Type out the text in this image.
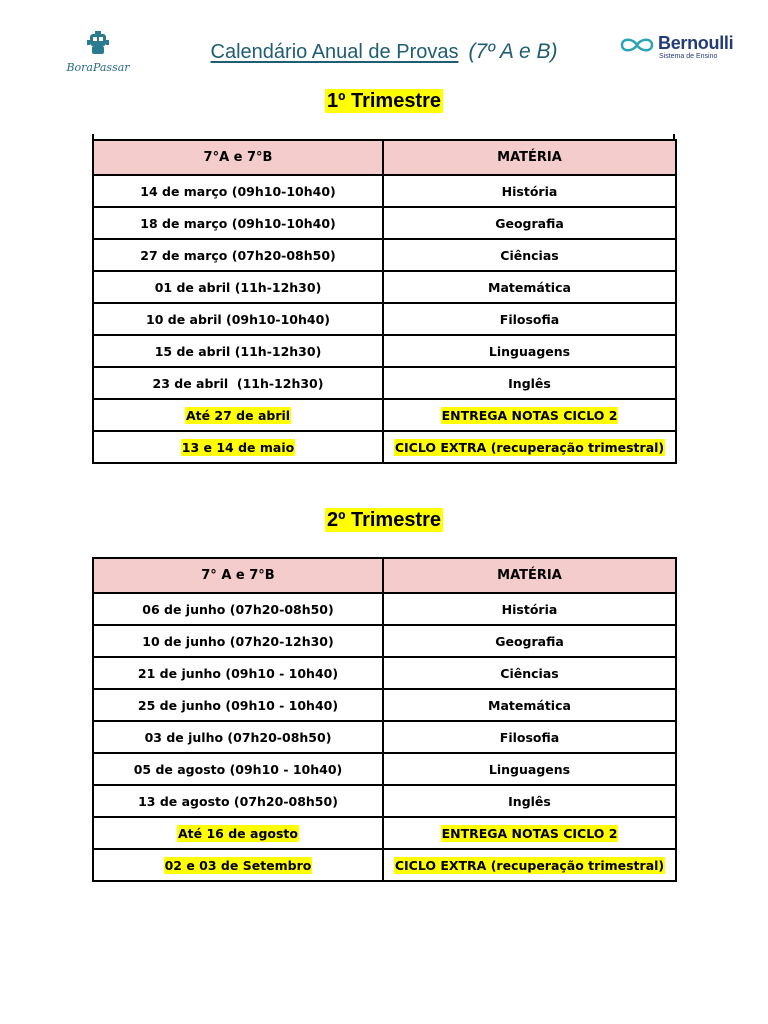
BoraPassar
Calendário Anual de Provas (7º A e B)	Bernoulli
Sistema de Ensino
1º Trimestre
7°A e 7°B	MATÉRIA
14 de março (09h10-10h40)	História
18 de março (09h10-10h40)	Geografia
27 de março (07h20-08h50)	Ciências
01 de abril (11h-12h30)	Matemática
10 de abril (09h10-10h40)	Filosofia
15 de abril (11h-12h30)	Linguagens
23 de abril  (11h-12h30)	Inglês
Até 27 de abril	ENTREGA NOTAS CICLO 2
13 e 14 de maio	CICLO EXTRA (recuperação trimestral)
2º Trimestre
7° A e 7°B	MATÉRIA
06 de junho (07h20-08h50)	História
10 de junho (07h20-12h30)	Geografia
21 de junho (09h10 - 10h40)	Ciências
25 de junho (09h10 - 10h40)	Matemática
03 de julho (07h20-08h50)	Filosofia
05 de agosto (09h10 - 10h40)	Linguagens
13 de agosto (07h20-08h50)	Inglês
Até 16 de agosto	ENTREGA NOTAS CICLO 2
02 e 03 de Setembro	CICLO EXTRA (recuperação trimestral)
